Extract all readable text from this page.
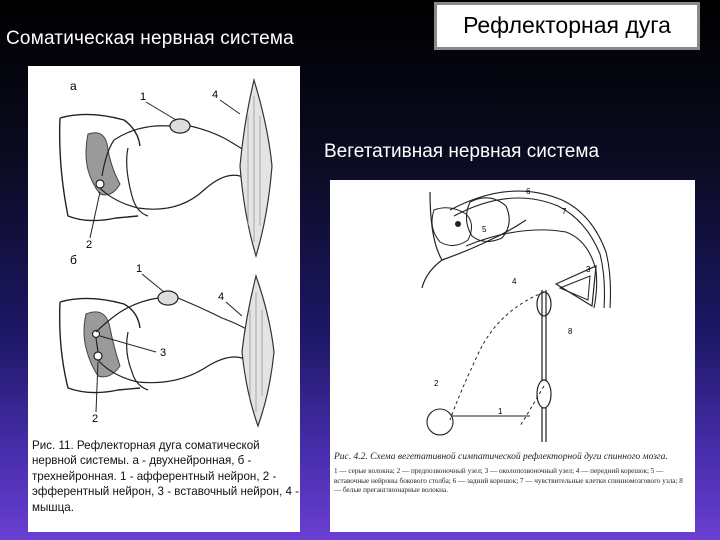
Соматическая нервная система
Рефлекторная дуга
Вегетативная нервная система
а
1	4
2
б
1
4
3
2
Рис. 11. Рефлекторная дуга соматической нервной системы. а - двухнейронная, б - трехнейронная. 1 - афферентный нейрон, 2 - эфферентный нейрон, 3 - вставочный нейрон, 4 - мышца.
6
7
5
4
8
3
2
1
Рис. 4.2. Схема вегетативной симпатической рефлекторной дуги спинного мозга.
1 — серые волокна; 2 — предпозвоночный узел; 3 — околопозвоночный узел; 4 — передний корешок; 5 — вставочные нейроны бокового столба; 6 — задний корешок; 7 — чувствительные клетки спинномозгового узла; 8 — белые преганглионарные волокна.
